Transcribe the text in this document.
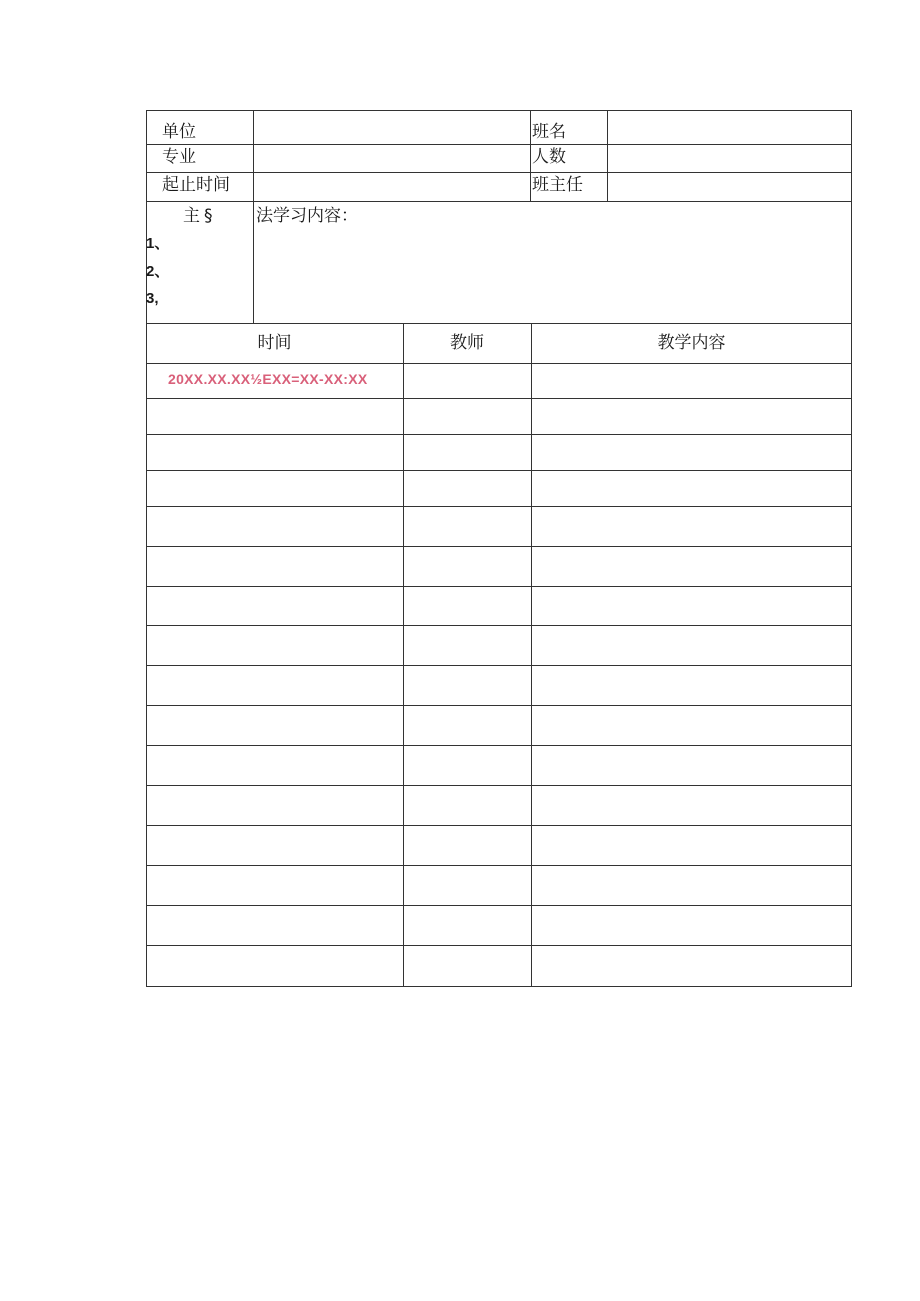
单位
专业
起止时间
班名
人数
班主任
主§ 法学习内容：
1、
2、
3,
时间	教师	教学内容
20XX.XX.XX½EXX=XX-XX:XX
